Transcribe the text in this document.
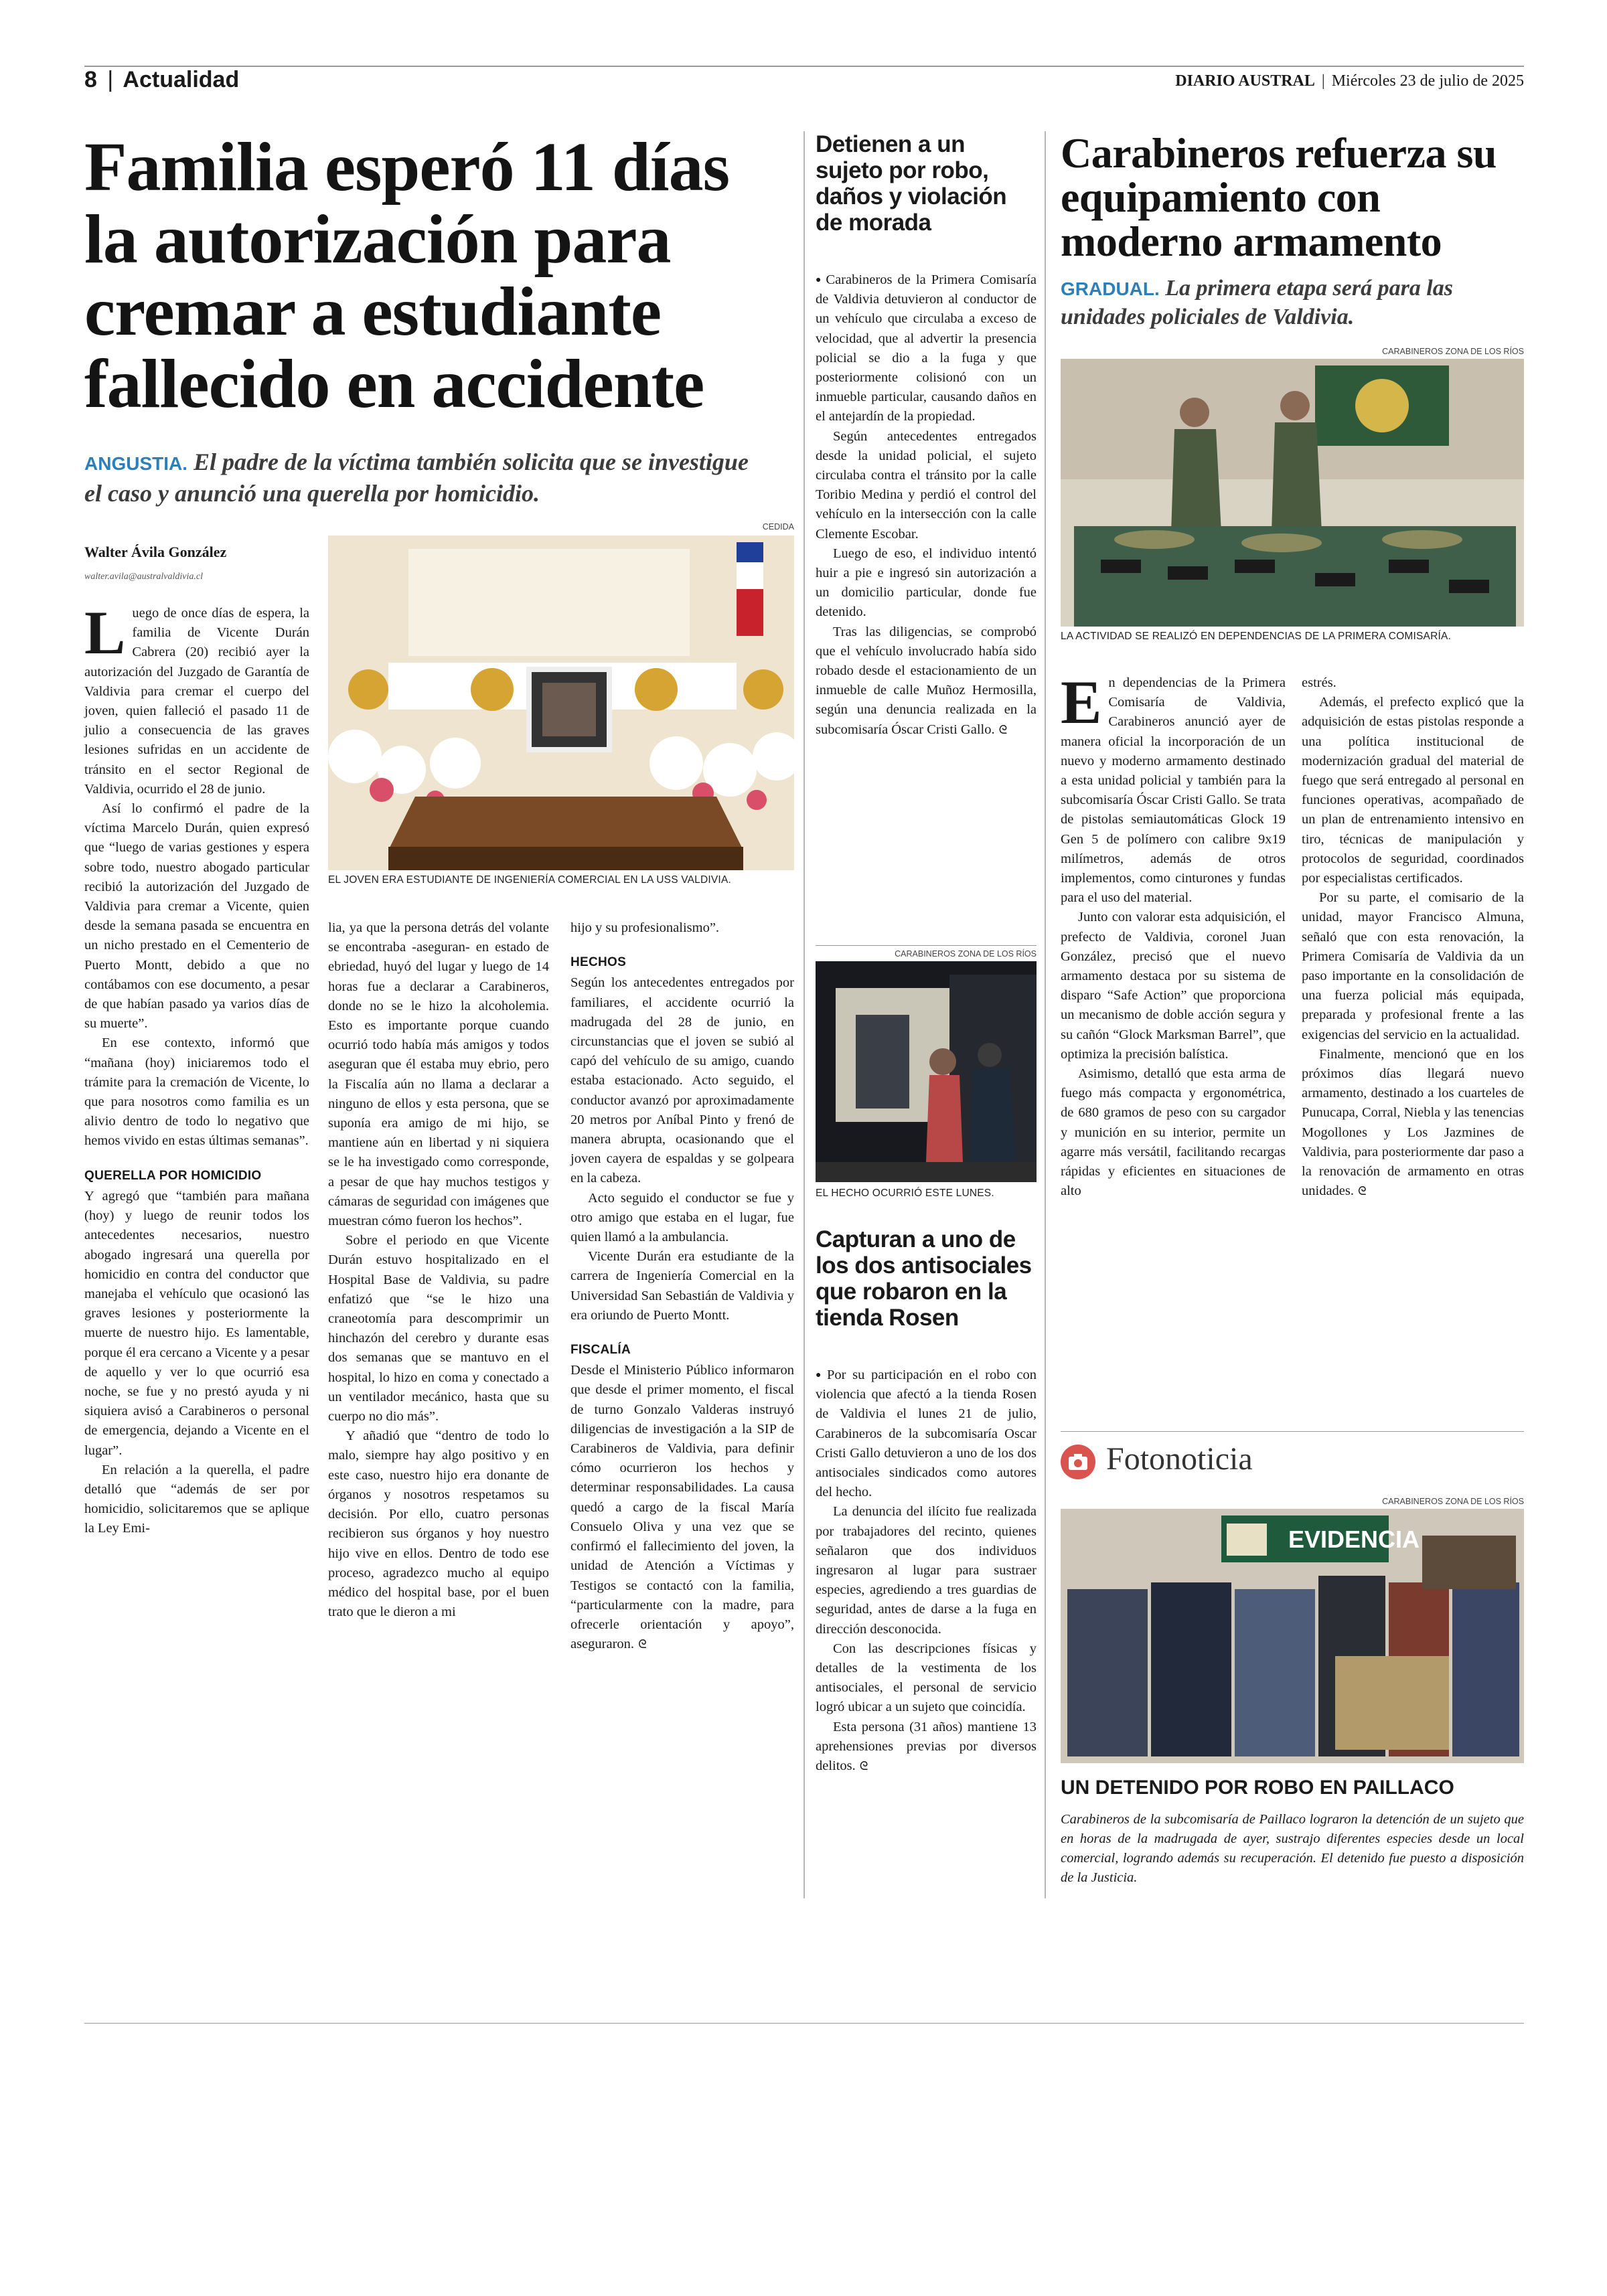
8 | Actualidad	DIARIO AUSTRAL | Miércoles 23 de julio de 2025
Familia esperó 11 días la autorización para cremar a estudiante fallecido en accidente
ANGUSTIA. El padre de la víctima también solicita que se investigue el caso y anunció una querella por homicidio.
Walter Ávila González
walter.avila@australvaldivia.cl
CEDIDA
EL JOVEN ERA ESTUDIANTE DE INGENIERÍA COMERCIAL EN LA USS VALDIVIA.

Luego de once días de espera, la familia de Vicente Durán Cabrera (20) recibió ayer la autorización del Juzgado de Garantía de Valdivia para cremar el cuerpo del joven, quien falleció el pasado 11 de julio a consecuencia de las graves lesiones sufridas en un accidente de tránsito en el sector Regional de Valdivia, ocurrido el 28 de junio.

Así lo confirmó el padre de la víctima Marcelo Durán, quien expresó que “luego de varias gestiones y espera sobre todo, nuestro abogado particular recibió la autorización del Juzgado de Valdivia para cremar a Vicente, quien desde la semana pasada se encuentra en un nicho prestado en el Cementerio de Puerto Montt, debido a que no contábamos con ese documento, a pesar de que habían pasado ya varios días de su muerte”.

En ese contexto, informó que “mañana (hoy) iniciaremos todo el trámite para la cremación de Vicente, lo que para nosotros como familia es un alivio dentro de todo lo negativo que hemos vivido en estas últimas semanas”.

QUERELLA POR HOMICIDIO

Y agregó que “también para mañana (hoy) y luego de reunir todos los antecedentes necesarios, nuestro abogado ingresará una querella por homicidio en contra del conductor que manejaba el vehículo que ocasionó las graves lesiones y posteriormente la muerte de nuestro hijo. Es lamentable, porque él era cercano a Vicente y a pesar de aquello y ver lo que ocurrió esa noche, se fue y no prestó ayuda y ni siquiera avisó a Carabineros o personal de emergencia, dejando a Vicente en el lugar”.

En relación a la querella, el padre detalló que “además de ser por homicidio, solicitaremos que se aplique la Ley Emi-

lia, ya que la persona detrás del volante se encontraba -aseguran- en estado de ebriedad, huyó del lugar y luego de 14 horas fue a declarar a Carabineros, donde no se le hizo la alcoholemia. Esto es importante porque cuando ocurrió todo había más amigos y todos aseguran que él estaba muy ebrio, pero la Fiscalía aún no llama a declarar a ninguno de ellos y esta persona, que se suponía era amigo de mi hijo, se mantiene aún en libertad y ni siquiera se le ha investigado como corresponde, a pesar de que hay muchos testigos y cámaras de seguridad con imágenes que muestran cómo fueron los hechos”.

Sobre el periodo en que Vicente Durán estuvo hospitalizado en el Hospital Base de Valdivia, su padre enfatizó que “se le hizo una craneotomía para descomprimir un hinchazón del cerebro y durante esas dos semanas que se mantuvo en el hospital, lo hizo en coma y conectado a un ventilador mecánico, hasta que su cuerpo no dio más”.

Y añadió que “dentro de todo lo malo, siempre hay algo positivo y en este caso, nuestro hijo era donante de órganos y nosotros respetamos su decisión. Por ello, cuatro personas recibieron sus órganos y hoy nuestro hijo vive en ellos. Dentro de todo ese proceso, agradezco mucho al equipo médico del hospital base, por el buen trato que le dieron a mi

hijo y su profesionalismo”.

HECHOS

Según los antecedentes entregados por familiares, el accidente ocurrió la madrugada del 28 de junio, en circunstancias que el joven se subió al capó del vehículo de su amigo, cuando estaba estacionado. Acto seguido, el conductor avanzó por aproximadamente 20 metros por Aníbal Pinto y frenó de manera abrupta, ocasionando que el joven cayera de espaldas y se golpeara en la cabeza.

Acto seguido el conductor se fue y otro amigo que estaba en el lugar, fue quien llamó a la ambulancia.

Vicente Durán era estudiante de la carrera de Ingeniería Comercial en la Universidad San Sebastián de Valdivia y era oriundo de Puerto Montt.

FISCALÍA

Desde el Ministerio Público informaron que desde el primer momento, el fiscal de turno Gonzalo Valderas instruyó diligencias de investigación a la SIP de Carabineros de Valdivia, para definir cómo ocurrieron los hechos y determinar responsabilidades. La causa quedó a cargo de la fiscal María Consuelo Oliva y una vez que se confirmó el fallecimiento del joven, la unidad de Atención a Víctimas y Testigos se contactó con la familia, “particularmente con la madre, para ofrecerle orientación y apoyo”, aseguraron. ᘓ

Detienen a un sujeto por robo, daños y violación de morada

● Carabineros de la Primera Comisaría de Valdivia detuvieron al conductor de un vehículo que circulaba a exceso de velocidad, que al advertir la presencia policial se dio a la fuga y que posteriormente colisionó con un inmueble particular, causando daños en el antejardín de la propiedad.

Según antecedentes entregados desde la unidad policial, el sujeto circulaba contra el tránsito por la calle Toribio Medina y perdió el control del vehículo en la intersección con la calle Clemente Escobar.

Luego de eso, el individuo intentó huir a pie e ingresó sin autorización a un domicilio particular, donde fue detenido.

Tras las diligencias, se comprobó que el vehículo involucrado había sido robado desde el estacionamiento de un inmueble de calle Muñoz Hermosilla, según una denuncia realizada en la subcomisaría Óscar Cristi Gallo. ᘓ

CARABINEROS ZONA DE LOS RÍOS
EL HECHO OCURRIÓ ESTE LUNES.
Capturan a uno de los dos antisociales que robaron en la tienda Rosen

● Por su participación en el robo con violencia que afectó a la tienda Rosen de Valdivia el lunes 21 de julio, Carabineros de la subcomisaría Oscar Cristi Gallo detuvieron a uno de los dos antisociales sindicados como autores del hecho.

La denuncia del ilícito fue realizada por trabajadores del recinto, quienes señalaron que dos individuos ingresaron al lugar para sustraer especies, agrediendo a tres guardias de seguridad, antes de darse a la fuga en dirección desconocida.

Con las descripciones físicas y detalles de la vestimenta de los antisociales, el personal de servicio logró ubicar a un sujeto que coincidía.

Esta persona (31 años) mantiene 13 aprehensiones previas por diversos delitos. ᘓ

Carabineros refuerza su equipamiento con moderno armamento
GRADUAL. La primera etapa será para las unidades policiales de Valdivia.
CARABINEROS ZONA DE LOS RÍOS
LA ACTIVIDAD SE REALIZÓ EN DEPENDENCIAS DE LA PRIMERA COMISARÍA.

En dependencias de la Primera Comisaría de Valdivia, Carabineros anunció ayer de manera oficial la incorporación de un nuevo y moderno armamento destinado a esta unidad policial y también para la subcomisaría Óscar Cristi Gallo. Se trata de pistolas semiautomáticas Glock 19 Gen 5 de polímero con calibre 9x19 milímetros, además de otros implementos, como cinturones y fundas para el uso del material.

Junto con valorar esta adquisición, el prefecto de Valdivia, coronel Juan González, precisó que el nuevo armamento destaca por su sistema de disparo “Safe Action” que proporciona un mecanismo de doble acción segura y su cañón “Glock Marksman Barrel”, que optimiza la precisión balística.

Asimismo, detalló que esta arma de fuego más compacta y ergonométrica, de 680 gramos de peso con su cargador y munición en su interior, permite un agarre más versátil, facilitando recargas rápidas y eficientes en situaciones de alto

estrés.

Además, el prefecto explicó que la adquisición de estas pistolas responde a una política institucional de modernización gradual del material de fuego que será entregado al personal en funciones operativas, acompañado de un plan de entrenamiento intensivo en tiro, técnicas de manipulación y protocolos de seguridad, coordinados por especialistas certificados.

Por su parte, el comisario de la unidad, mayor Francisco Almuna, señaló que con esta renovación, la Primera Comisaría de Valdivia da un paso importante en la consolidación de una fuerza policial más equipada, preparada y profesional frente a las exigencias del servicio en la actualidad.

Finalmente, mencionó que en los próximos días llegará nuevo armamento, destinado a los cuarteles de Punucapa, Corral, Niebla y las tenencias Mogollones y Los Jazmines de Valdivia, para posteriormente dar paso a la renovación de armamento en otras unidades. ᘓ

Fotonoticia
CARABINEROS ZONA DE LOS RÍOS
EVIDENCIA
UN DETENIDO POR ROBO EN PAILLACO
Carabineros de la subcomisaría de Paillaco lograron la detención de un sujeto que en horas de la madrugada de ayer, sustrajo diferentes especies desde un local comercial, logrando además su recuperación. El detenido fue puesto a disposición de la Justicia.
